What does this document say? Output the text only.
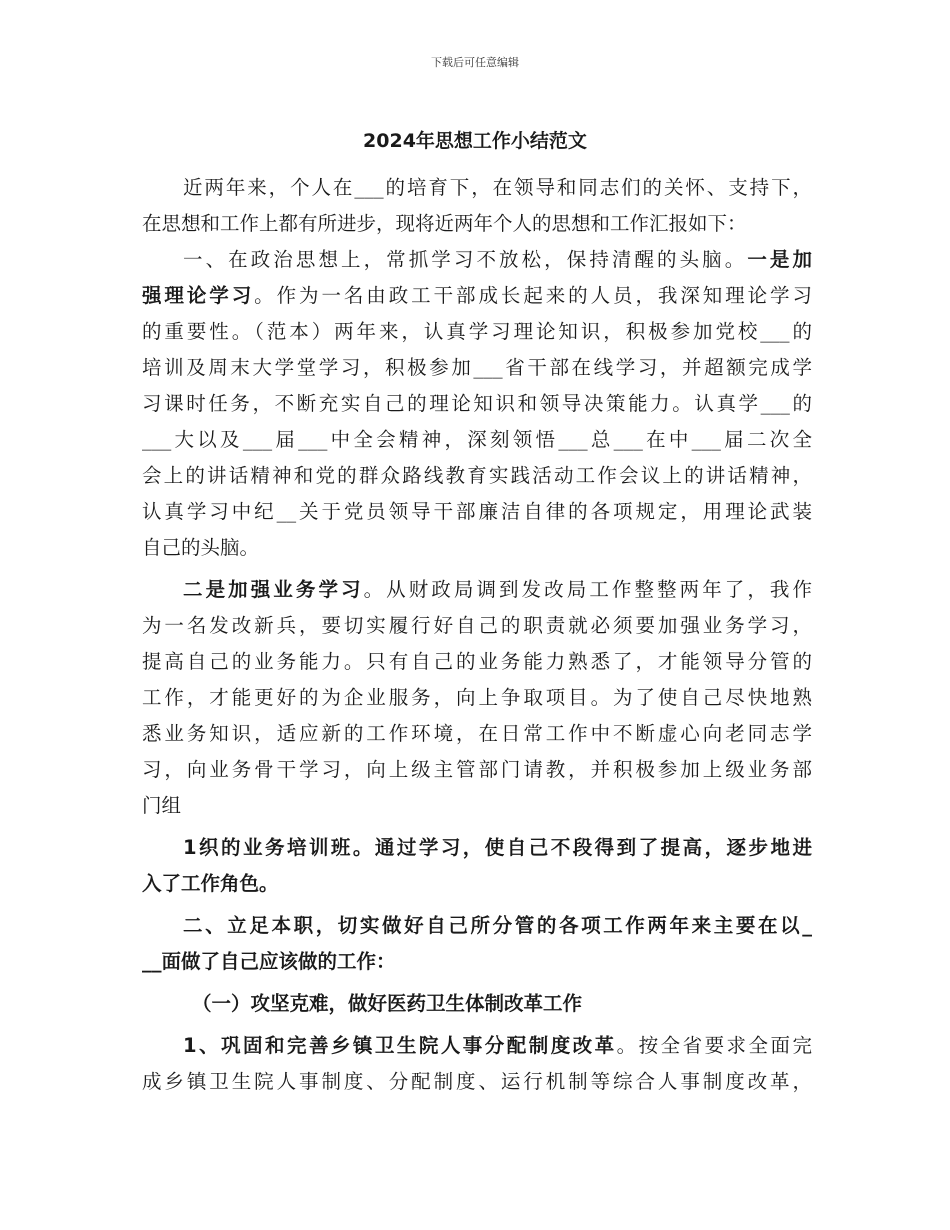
下载后可任意编辑
2024年思想工作小结范文
近两年来，个人在___的培育下，在领导和同志们的关怀、支持下，
在思想和工作上都有所进步，现将近两年个人的思想和工作汇报如下：
一、在政治思想上，常抓学习不放松，保持清醒的头脑。一是加
强理论学习。作为一名由政工干部成长起来的人员，我深知理论学习
的重要性。（范本）两年来，认真学习理论知识，积极参加党校___的
培训及周末大学堂学习，积极参加___省干部在线学习，并超额完成学
习课时任务，不断充实自己的理论知识和领导决策能力。认真学___的
___大以及___届___中全会精神，深刻领悟___总___在中___届二次全
会上的讲话精神和党的群众路线教育实践活动工作会议上的讲话精神，
认真学习中纪__关于党员领导干部廉洁自律的各项规定，用理论武装
自己的头脑。
二是加强业务学习。从财政局调到发改局工作整整两年了，我作
为一名发改新兵，要切实履行好自己的职责就必须要加强业务学习，
提高自己的业务能力。只有自己的业务能力熟悉了，才能领导分管的
工作，才能更好的为企业服务，向上争取项目。为了使自己尽快地熟
悉业务知识，适应新的工作环境，在日常工作中不断虚心向老同志学
习，向业务骨干学习，向上级主管部门请教，并积极参加上级业务部
门组
1织的业务培训班。通过学习，使自己不段得到了提高，逐步地进
入了工作角色。
二、立足本职，切实做好自己所分管的各项工作两年来主要在以_
__面做了自己应该做的工作：
（一）攻坚克难，做好医药卫生体制改革工作
1、巩固和完善乡镇卫生院人事分配制度改革。按全省要求全面完
成乡镇卫生院人事制度、分配制度、运行机制等综合人事制度改革，
